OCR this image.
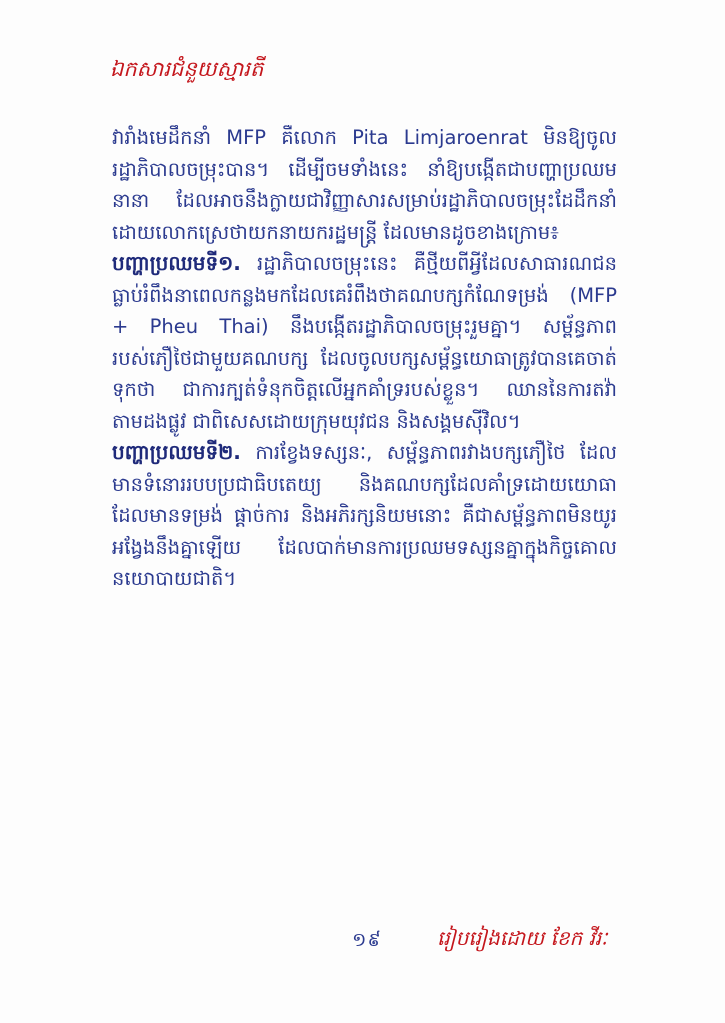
ឯកសារជំនួយស្មារតី

វារាំងមេដឹកនាំ MFP គឺលោក Pita Limjaroenrat មិនឱ្យចូលរដ្ឋាភិបាលចម្រុះបាន។ ដើម្បីចមទាំងនេះ នាំឱ្យបង្កើតជាបញ្ហាប្រឈមនានា ដែលអាចនឹងក្លាយជាវិញ្ញាសារសម្រាប់រដ្ឋាភិបាលចម្រុះដែដឹកនាំដោយលោកស្រេថាយកនាយករដ្ឋមន្ត្រី ដែលមានដូចខាងក្រោម៖

បញ្ហាប្រឈមទី១. រដ្ឋាភិបាលចម្រុះនេះ គឺថ្មីយពីអ្វីដែលសាធារណជនធ្លាប់រំពឹងនាពេលកន្លងមកដែលគេរំពឹងថាគណបក្សកំណែទម្រង់ (MFP + Pheu Thai) នឹងបង្កើតរដ្ឋាភិបាលចម្រុះរួមគ្នា។ សម្ព័ន្ធភាពរបស់ភឿថៃជាមួយគណបក្ស ដែលចូលបក្សសម្ព័ន្ធយោធាត្រូវបានគេចាត់ទុកថា ជាការក្បត់ទំនុកចិត្តលើអ្នកគាំទ្ររបស់ខ្លួន។ ឈាននៃការតវ៉ាតាមដងផ្លូវ ជាពិសេសដោយក្រុមយុវជន និងសង្គមស៊ីវិល។

បញ្ហាប្រឈមទី២. ការខ្វែងទស្សនៈ, សម្ព័ន្ធភាពរវាងបក្សភឿថៃ ដែលមានទំនោររបបប្រជាធិបតេយ្យ និងគណបក្សដែលគាំទ្រដោយយោធា ដែលមានទម្រង់ ផ្តាច់ការ និងអភិរក្សនិយមនោះ គឺជាសម្ព័ន្ធភាពមិនយូរអង្វែងនឹងគ្នាឡើយ ដែលបាក់មានការប្រឈមទស្សនគ្នាក្នុងកិច្ចគោលនយោបាយជាតិ។

១៩	រៀបរៀងដោយ ខែក វីរៈ
